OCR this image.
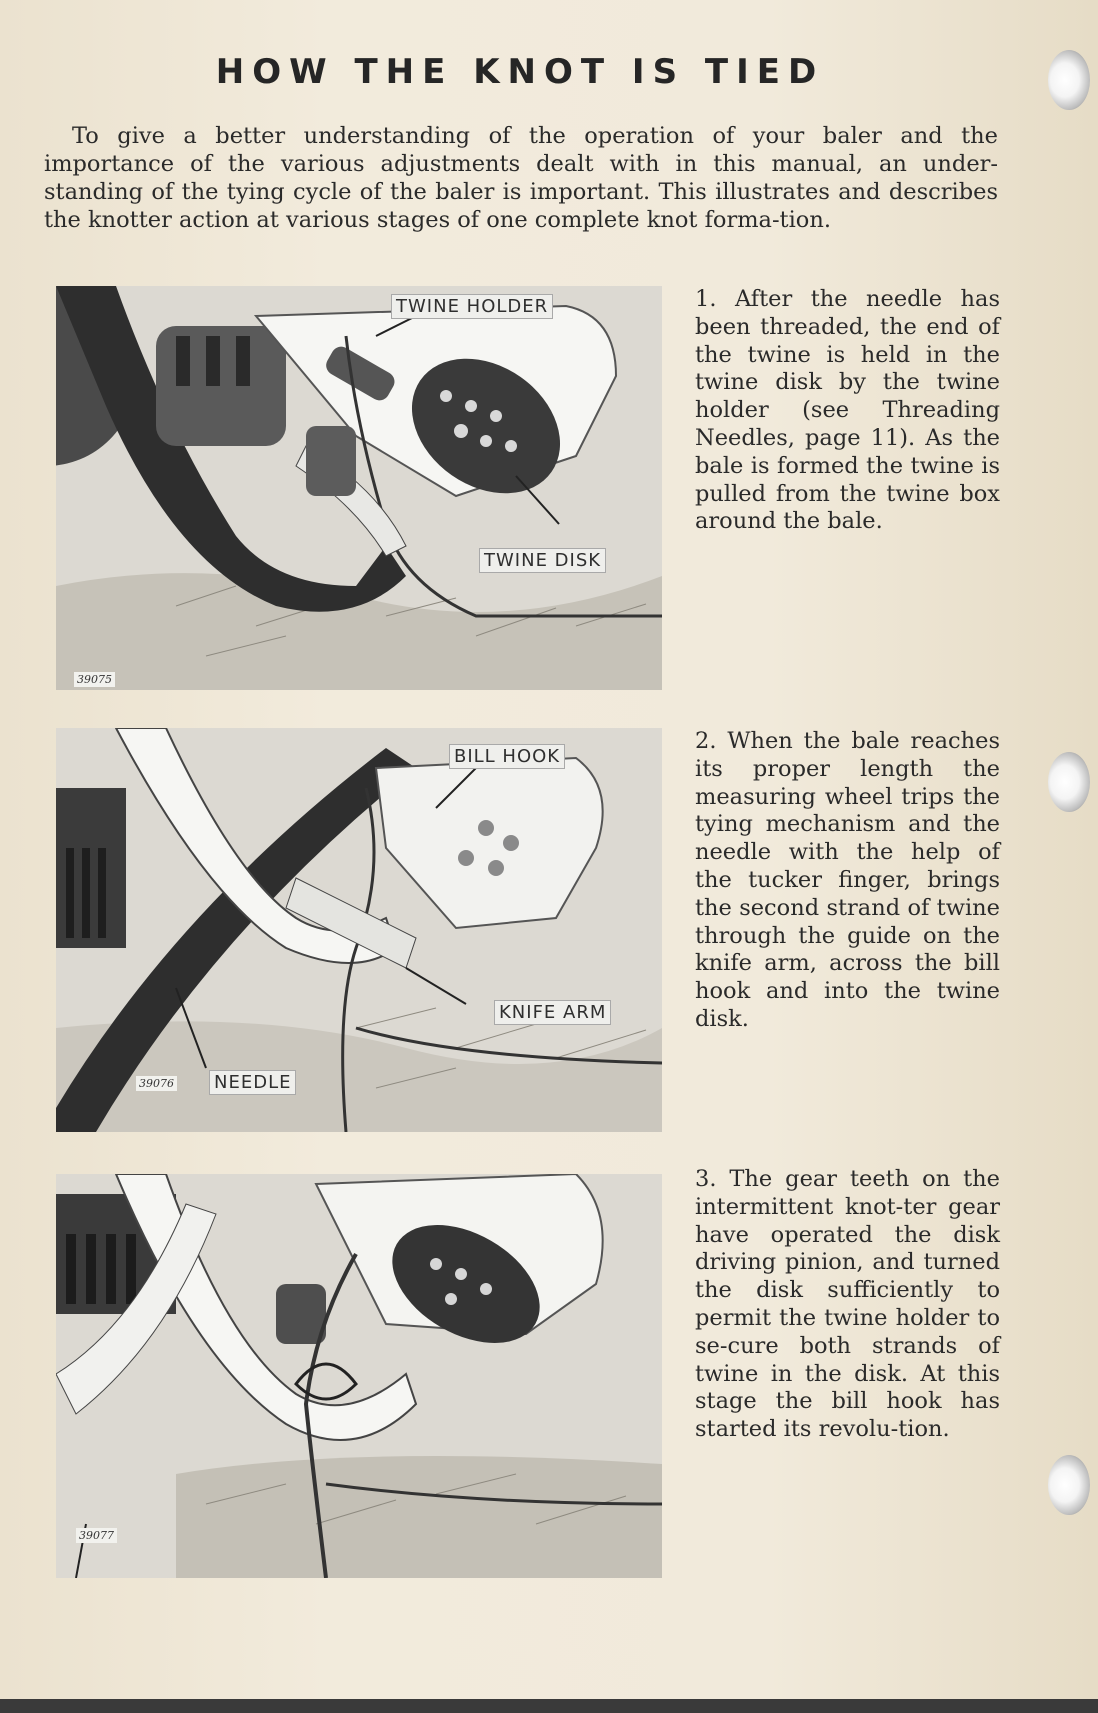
HOW THE KNOT IS TIED

To give a better understanding of the operation of your baler and the importance of the various adjustments dealt with in this manual, an under-standing of the tying cycle of the baler is important. This illustrates and describes the knotter action at various stages of one complete knot forma-tion.

TWINE HOLDER
TWINE DISK
39075

1. After the needle has been threaded, the end of the twine is held in the twine disk by the twine holder (see Threading Needles, page 11). As the bale is formed the twine is pulled from the twine box around the bale.

BILL HOOK
KNIFE ARM
NEEDLE
39076

2. When the bale reaches its proper length the measuring wheel trips the tying mechanism and the needle with the help of the tucker finger, brings the second strand of twine through the guide on the knife arm, across the bill hook and into the twine disk.

39077

3. The gear teeth on the intermittent knot-ter gear have operated the disk driving pinion, and turned the disk sufficiently to permit the twine holder to se-cure both strands of twine in the disk. At this stage the bill hook has started its revolu-tion.
